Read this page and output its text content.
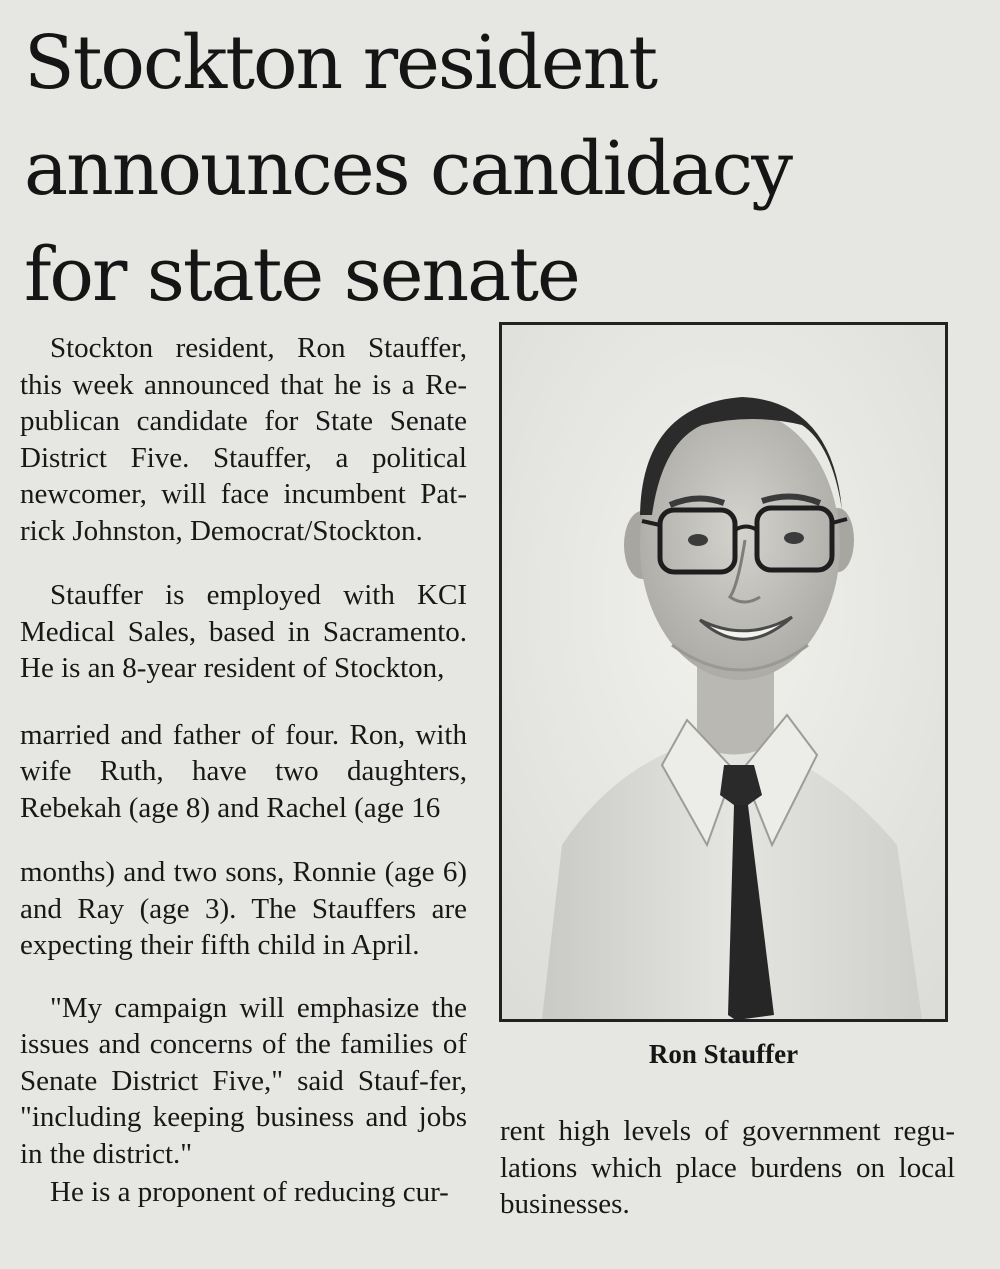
Stockton resident
announces candidacy
for state senate

Stockton resident, Ron Stauffer, this week announced that he is a Re-publican candidate for State Senate District Five. Stauffer, a political newcomer, will face incumbent Pat-rick Johnston, Democrat/Stockton.

Stauffer is employed with KCI Medical Sales, based in Sacramento. He is an 8-year resident of Stockton,

married and father of four. Ron, with wife Ruth, have two daughters, Rebekah (age 8) and Rachel (age 16

months) and two sons, Ronnie (age 6) and Ray (age 3). The Stauffers are expecting their fifth child in April.

"My campaign will emphasize the issues and concerns of the families of Senate District Five," said Stauf-fer, "including keeping business and jobs in the district."

He is a proponent of reducing cur-

Ron Stauffer

rent high levels of government regu-lations which place burdens on local businesses.
